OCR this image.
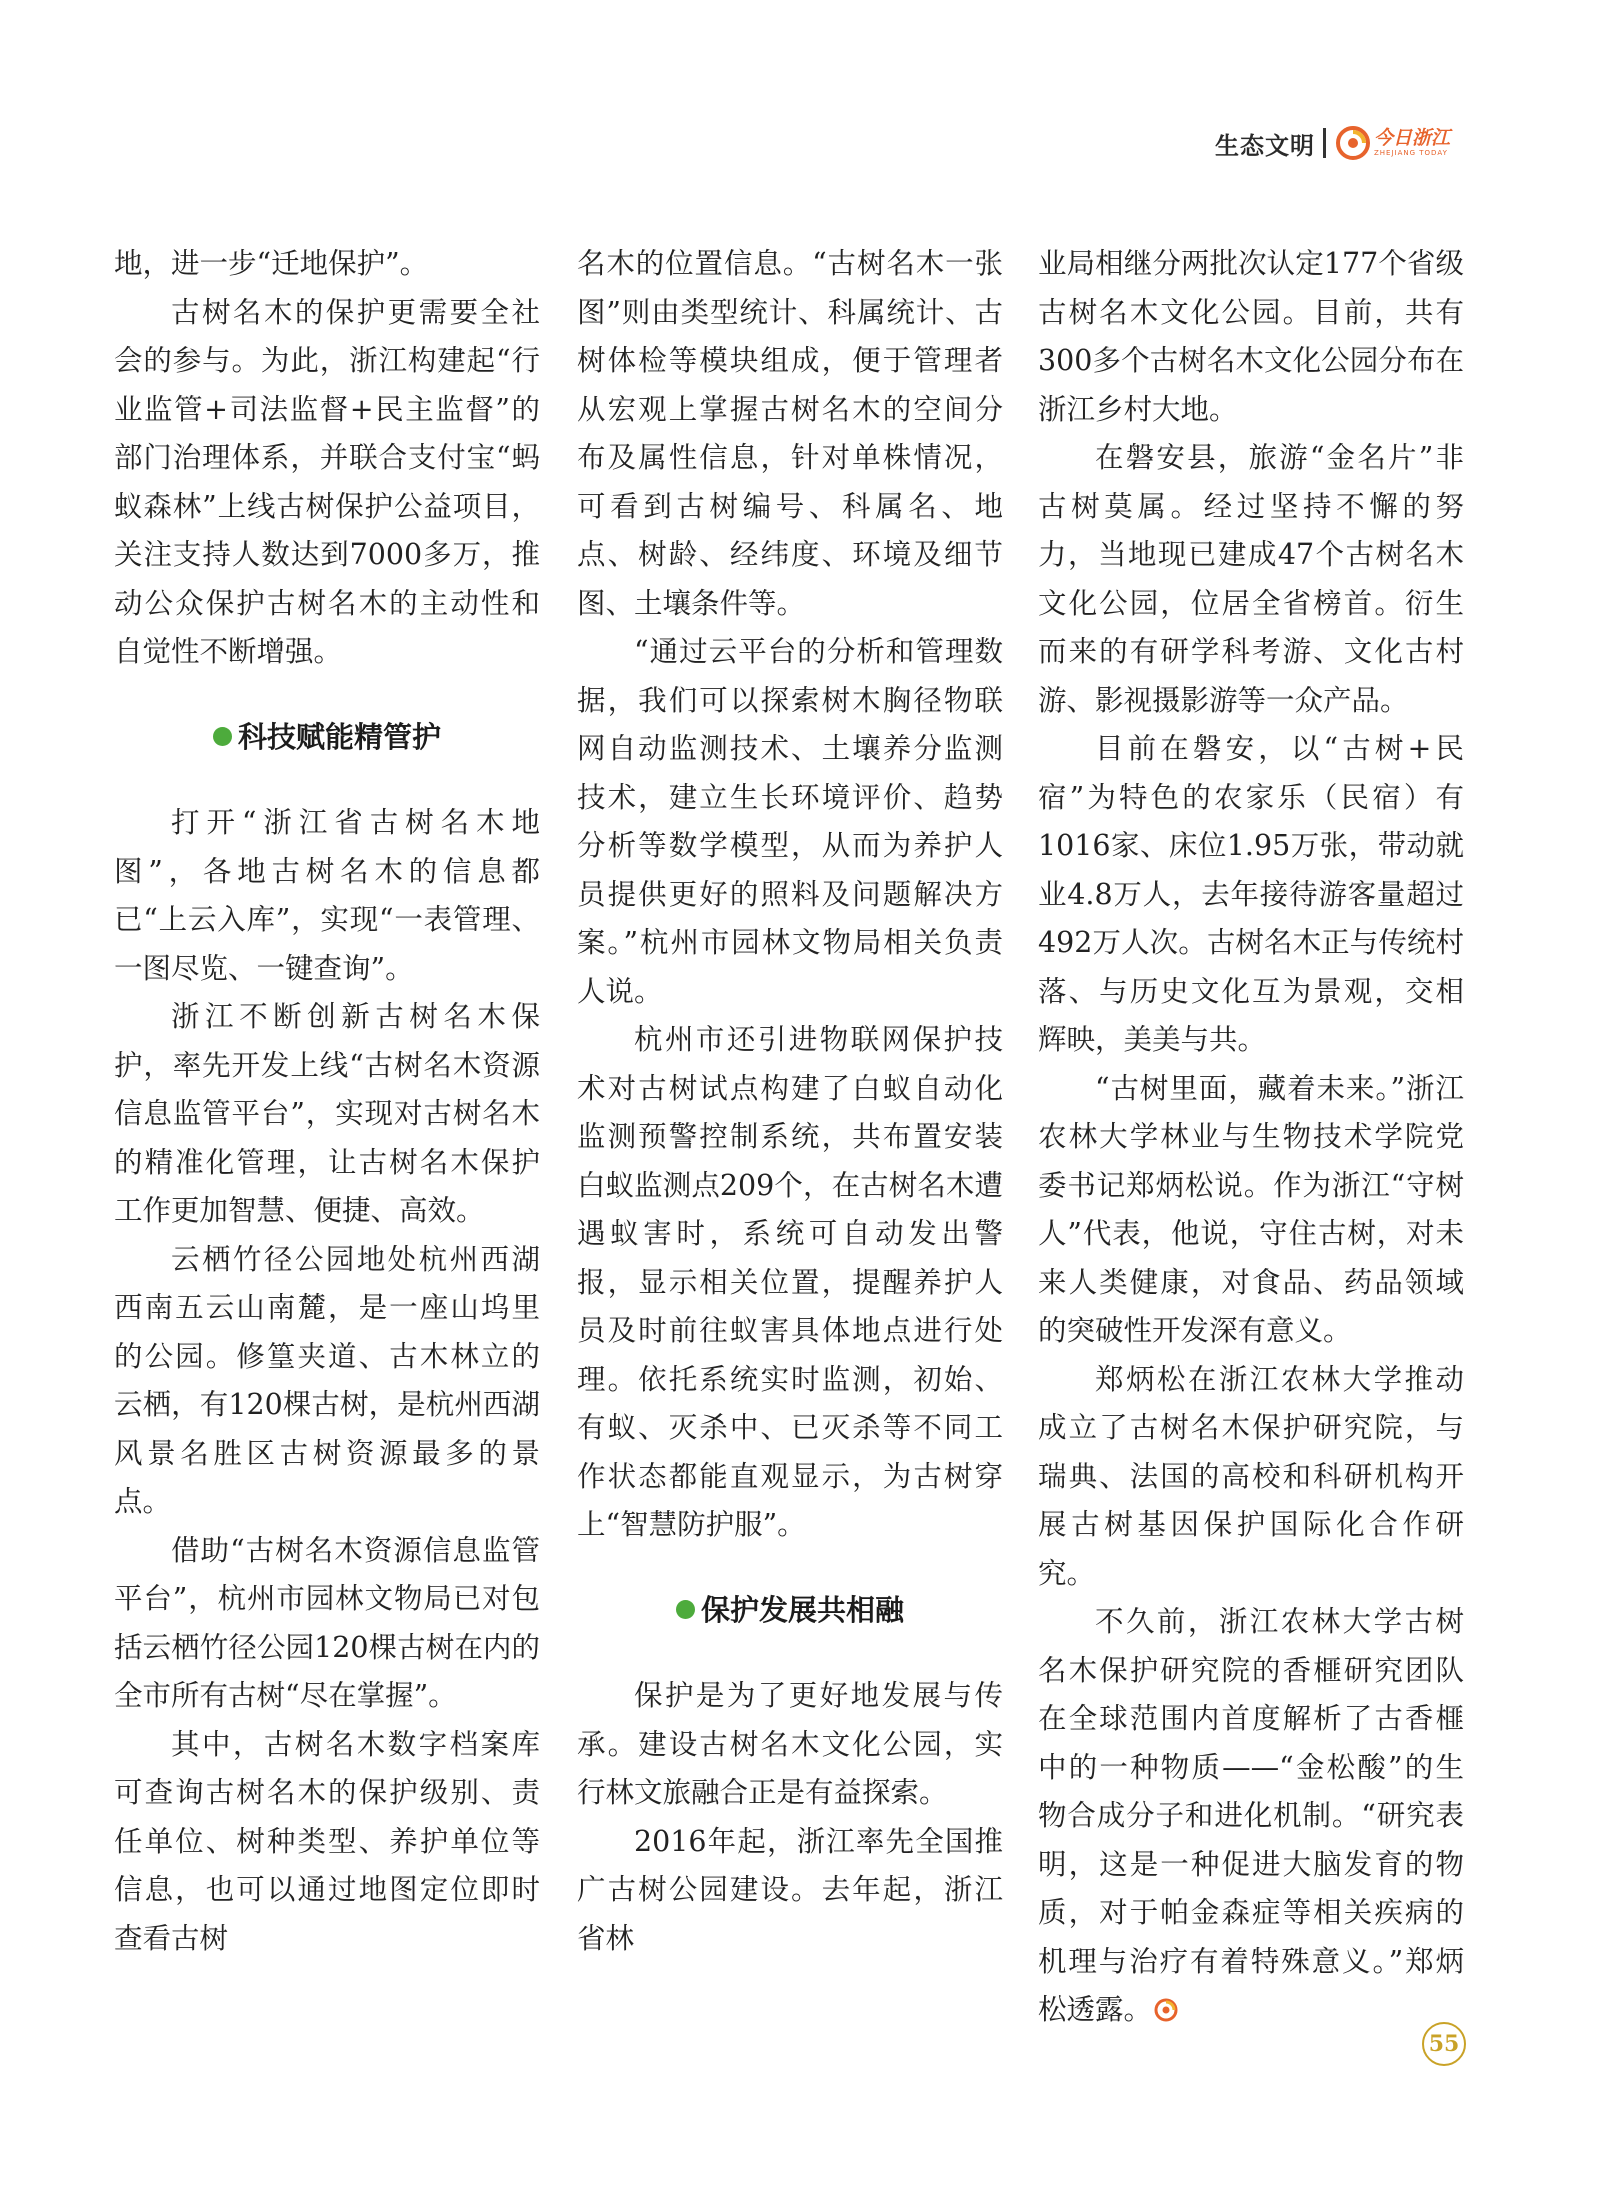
生态文明	今日浙江
ZHEJIANG TODAY

地，进一步“迁地保护”。

古树名木的保护更需要全社会的参与。为此，浙江构建起“行业监管+司法监督+民主监督”的部门治理体系，并联合支付宝“蚂蚁森林”上线古树保护公益项目，关注支持人数达到7000多万，推动公众保护古树名木的主动性和自觉性不断增强。

科技赋能精管护

打开“浙江省古树名木地图”，各地古树名木的信息都已“上云入库”，实现“一表管理、一图尽览、一键查询”。

浙江不断创新古树名木保护，率先开发上线“古树名木资源信息监管平台”，实现对古树名木的精准化管理，让古树名木保护工作更加智慧、便捷、高效。

云栖竹径公园地处杭州西湖西南五云山南麓，是一座山坞里的公园。修篁夹道、古木林立的云栖，有120棵古树，是杭州西湖风景名胜区古树资源最多的景点。

借助“古树名木资源信息监管平台”，杭州市园林文物局已对包括云栖竹径公园120棵古树在内的全市所有古树“尽在掌握”。

其中，古树名木数字档案库可查询古树名木的保护级别、责任单位、树种类型、养护单位等信息，也可以通过地图定位即时查看古树

名木的位置信息。“古树名木一张图”则由类型统计、科属统计、古树体检等模块组成，便于管理者从宏观上掌握古树名木的空间分布及属性信息，针对单株情况，可看到古树编号、科属名、地点、树龄、经纬度、环境及细节图、土壤条件等。

“通过云平台的分析和管理数据，我们可以探索树木胸径物联网自动监测技术、土壤养分监测技术，建立生长环境评价、趋势分析等数学模型，从而为养护人员提供更好的照料及问题解决方案。”杭州市园林文物局相关负责人说。

杭州市还引进物联网保护技术对古树试点构建了白蚁自动化监测预警控制系统，共布置安装白蚁监测点209个，在古树名木遭遇蚁害时，系统可自动发出警报，显示相关位置，提醒养护人员及时前往蚁害具体地点进行处理。依托系统实时监测，初始、有蚁、灭杀中、已灭杀等不同工作状态都能直观显示，为古树穿上“智慧防护服”。

保护发展共相融

保护是为了更好地发展与传承。建设古树名木文化公园，实行林文旅融合正是有益探索。

2016年起，浙江率先全国推广古树公园建设。去年起，浙江省林

业局相继分两批次认定177个省级古树名木文化公园。目前，共有300多个古树名木文化公园分布在浙江乡村大地。

在磐安县，旅游“金名片”非古树莫属。经过坚持不懈的努力，当地现已建成47个古树名木文化公园，位居全省榜首。衍生而来的有研学科考游、文化古村游、影视摄影游等一众产品。

目前在磐安，以“古树+民宿”为特色的农家乐（民宿）有1016家、床位1.95万张，带动就业4.8万人，去年接待游客量超过492万人次。古树名木正与传统村落、与历史文化互为景观，交相辉映，美美与共。

“古树里面，藏着未来。”浙江农林大学林业与生物技术学院党委书记郑炳松说。作为浙江“守树人”代表，他说，守住古树，对未来人类健康，对食品、药品领域的突破性开发深有意义。

郑炳松在浙江农林大学推动成立了古树名木保护研究院，与瑞典、法国的高校和科研机构开展古树基因保护国际化合作研究。

不久前，浙江农林大学古树名木保护研究院的香榧研究团队在全球范围内首度解析了古香榧中的一种物质——“金松酸”的生物合成分子和进化机制。“研究表明，这是一种促进大脑发育的物质，对于帕金森症等相关疾病的机理与治疗有着特殊意义。”郑炳松透露。

55
